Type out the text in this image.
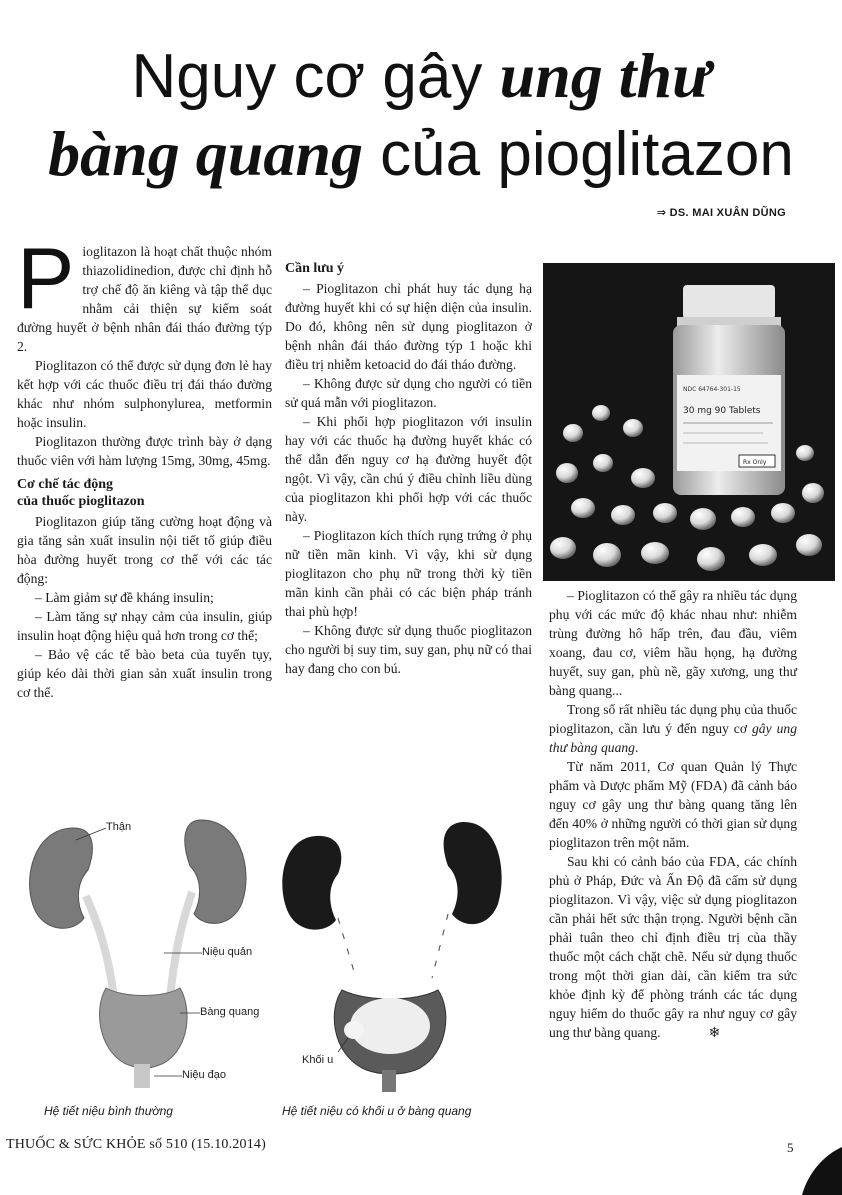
Nguy cơ gây ung thư
bàng quang của pioglitazon
⇒ DS. MAI XUÂN DŨNG
P ioglitazon là hoạt chất thuộc nhóm thiazolidinedion, được chỉ định hỗ trợ chế độ ăn kiêng và tập thể dục nhằm cải thiện sự kiểm soát đường huyết ở bệnh nhân đái tháo đường týp 2.

Pioglitazon có thể được sử dụng đơn lẻ hay kết hợp với các thuốc điều trị đái tháo đường khác như nhóm sulphonylurea, metformin hoặc insulin.

Pioglitazon thường được trình bày ở dạng thuốc viên với hàm lượng 15mg, 30mg, 45mg.

Cơ chế tác động
của thuốc pioglitazon

Pioglitazon giúp tăng cường hoạt động và gia tăng sản xuất insulin nội tiết tố giúp điều hòa đường huyết trong cơ thể với các tác động:

– Làm giảm sự đề kháng insulin;

– Làm tăng sự nhạy cảm của insulin, giúp insulin hoạt động hiệu quả hơn trong cơ thể;

– Bảo vệ các tế bào beta của tuyến tụy, giúp kéo dài thời gian sản xuất insulin trong cơ thể.

Cần lưu ý

– Pioglitazon chỉ phát huy tác dụng hạ đường huyết khi có sự hiện diện của insulin. Do đó, không nên sử dụng pioglitazon ở bệnh nhân đái tháo đường týp 1 hoặc khi điều trị nhiễm ketoacid do đái tháo đường.

– Không được sử dụng cho người có tiền sử quá mẫn với pioglitazon.

– Khi phối hợp pioglitazon với insulin hay với các thuốc hạ đường huyết khác có thể dẫn đến nguy cơ hạ đường huyết đột ngột. Vì vậy, cần chú ý điều chỉnh liều dùng của pioglitazon khi phối hợp với các thuốc này.

– Pioglitazon kích thích rụng trứng ở phụ nữ tiền mãn kinh. Vì vậy, khi sử dụng pioglitazon cho phụ nữ trong thời kỳ tiền mãn kinh cần phải có các biện pháp tránh thai phù hợp!

– Không được sử dụng thuốc pioglitazon cho người bị suy tim, suy gan, phụ nữ có thai hay đang cho con bú.

NDC 64764-301-15
30 mg 90 Tablets
Rx Only

– Pioglitazon có thể gây ra nhiều tác dụng phụ với các mức độ khác nhau như: nhiễm trùng đường hô hấp trên, đau đầu, viêm xoang, đau cơ, viêm hầu họng, hạ đường huyết, suy gan, phù nề, gãy xương, ung thư bàng quang...

Trong số rất nhiều tác dụng phụ của thuốc pioglitazon, cần lưu ý đến nguy cơ gây ung thư bàng quang.

Từ năm 2011, Cơ quan Quản lý Thực phẩm và Dược phẩm Mỹ (FDA) đã cảnh báo nguy cơ gây ung thư bàng quang tăng lên đến 40% ở những người có thời gian sử dụng pioglitazon trên một năm.

Sau khi có cảnh báo của FDA, các chính phủ ở Pháp, Đức và Ấn Độ đã cấm sử dụng pioglitazon. Vì vậy, việc sử dụng pioglitazon cần phải hết sức thận trọng. Người bệnh cần phải tuân theo chỉ định điều trị của thầy thuốc một cách chặt chẽ. Nếu sử dụng thuốc trong một thời gian dài, cần kiểm tra sức khỏe định kỳ để phòng tránh các tác dụng nguy hiểm do thuốc gây ra như nguy cơ gây ung thư bàng quang.	❄

Thận
Niệu quản
Bàng quang
Niệu đạo
Hệ tiết niệu bình thường
Khối u
Hệ tiết niệu có khối u ở bàng quang
THUỐC & SỨC KHỎE số 510 (15.10.2014)	5
